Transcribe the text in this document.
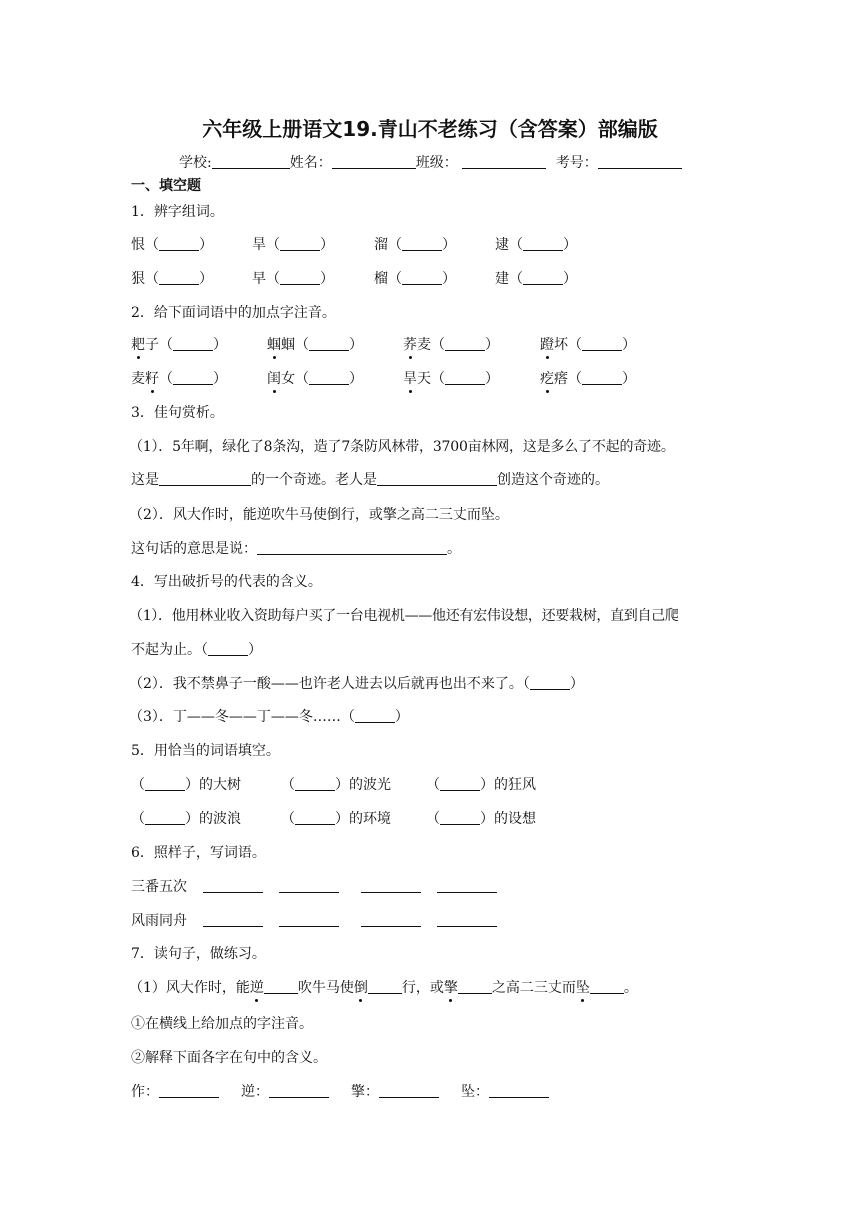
六年级上册语文19.青山不老练习（含答案）部编版
学校:	姓名：	班级：	考号：
一、填空题
1．辨字组词。
恨（	）	旱（	）	溜（	）	逮（	）
狠（	）	早（	）	榴（	）	建（	）
2．给下面词语中的加点字注音。
耙子（	）	蝈蝈（	）	荞麦（	）	蹬坏（	）
麦籽（	）	闺女（	）	旱天（	）	疙瘩（	）
3．佳句赏析。
（1）．5年啊，绿化了8条沟，造了7条防风林带，3700亩林网，这是多么了不起的奇迹。
这是	的一个奇迹。老人是	创造这个奇迹的。
（2）．风大作时，能逆吹牛马使倒行，或擎之高二三丈而坠。
这句话的意思是说：	。
4．写出破折号的代表的含义。
（1）．他用林业收入资助每户买了一台电视机——他还有宏伟设想，还要栽树，直到自己爬
不起为止。（	）
（2）．我不禁鼻子一酸——也许老人进去以后就再也出不来了。（	）
（3）．丁——冬——丁——冬……（	）
5．用恰当的词语填空。
（	）的大树	（	）的波光	（	）的狂风
（	）的波浪	（	）的环境	（	）的设想
6．照样子，写词语。
三番五次
风雨同舟
7．读句子，做练习。
（1）风大作时，能逆 吹牛马使倒 行，或擎 之高二三丈而坠 。
①在横线上给加点的字注音。
②解释下面各字在句中的含义。
作：	逆：	擎：	坠：
